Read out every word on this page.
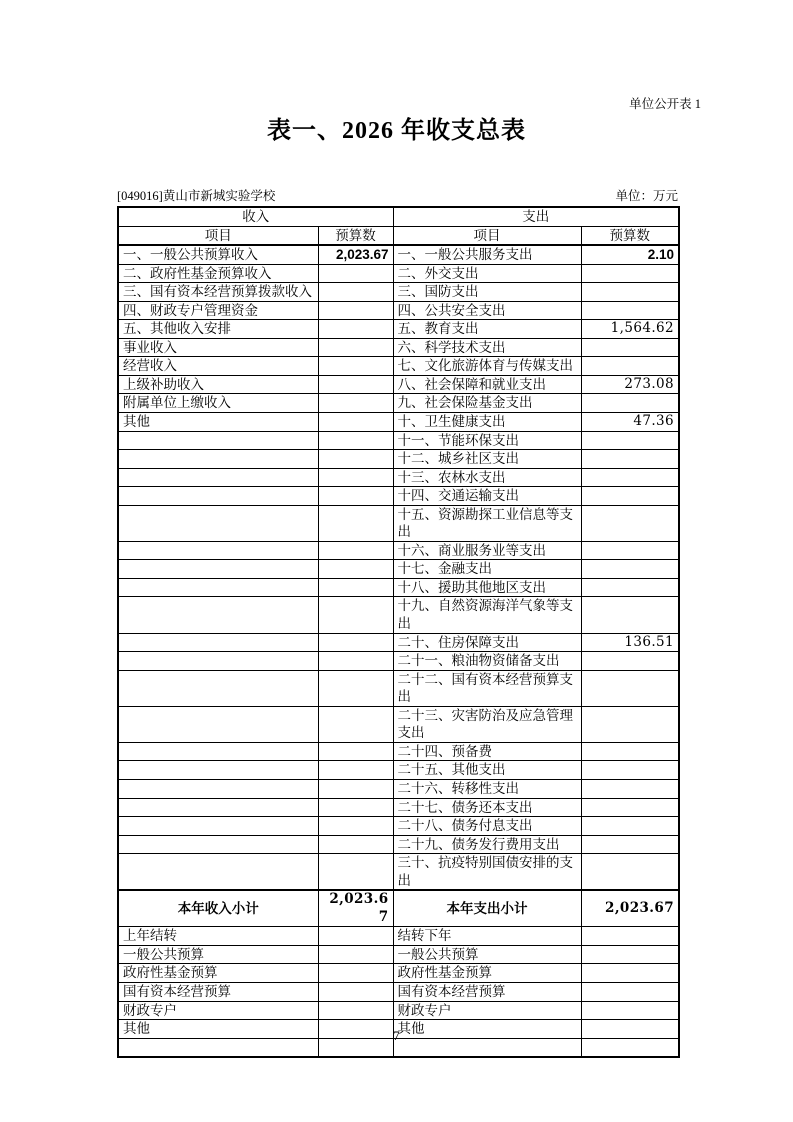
单位公开表 1
表一、2026 年收支总表
[049016]黄山市新城实验学校	单位：万元
收入		支出	
项目	预算数	项目	预算数
一、一般公共预算收入	2,023.67	一、一般公共服务支出	2.10
二、政府性基金预算收入		二、外交支出	
三、国有资本经营预算拨款收入		三、国防支出	
四、财政专户管理资金		四、公共安全支出	
五、其他收入安排		五、教育支出	1,564.62
事业收入		六、科学技术支出	
经营收入		七、文化旅游体育与传媒支出	
上级补助收入		八、社会保障和就业支出	273.08
附属单位上缴收入		九、社会保险基金支出	
其他		十、卫生健康支出	47.36
		十一、节能环保支出	
		十二、城乡社区支出	
		十三、农林水支出	
		十四、交通运输支出	
		十五、资源勘探工业信息等支出	
		十六、商业服务业等支出	
		十七、金融支出	
		十八、援助其他地区支出	
		十九、自然资源海洋气象等支出	
		二十、住房保障支出	136.51
		二十一、粮油物资储备支出	
		二十二、国有资本经营预算支出	
		二十三、灾害防治及应急管理支出	
		二十四、预备费	
		二十五、其他支出	
		二十六、转移性支出	
		二十七、债务还本支出	
		二十八、债务付息支出	
		二十九、债务发行费用支出	
		三十、抗疫特别国债安排的支出	
本年收入小计	2,023.67	本年支出小计	2,023.67
上年结转		结转下年	
一般公共预算		一般公共预算	
政府性基金预算		政府性基金预算	
国有资本经营预算		国有资本经营预算	
财政专户		财政专户	
其他		其他	

7
